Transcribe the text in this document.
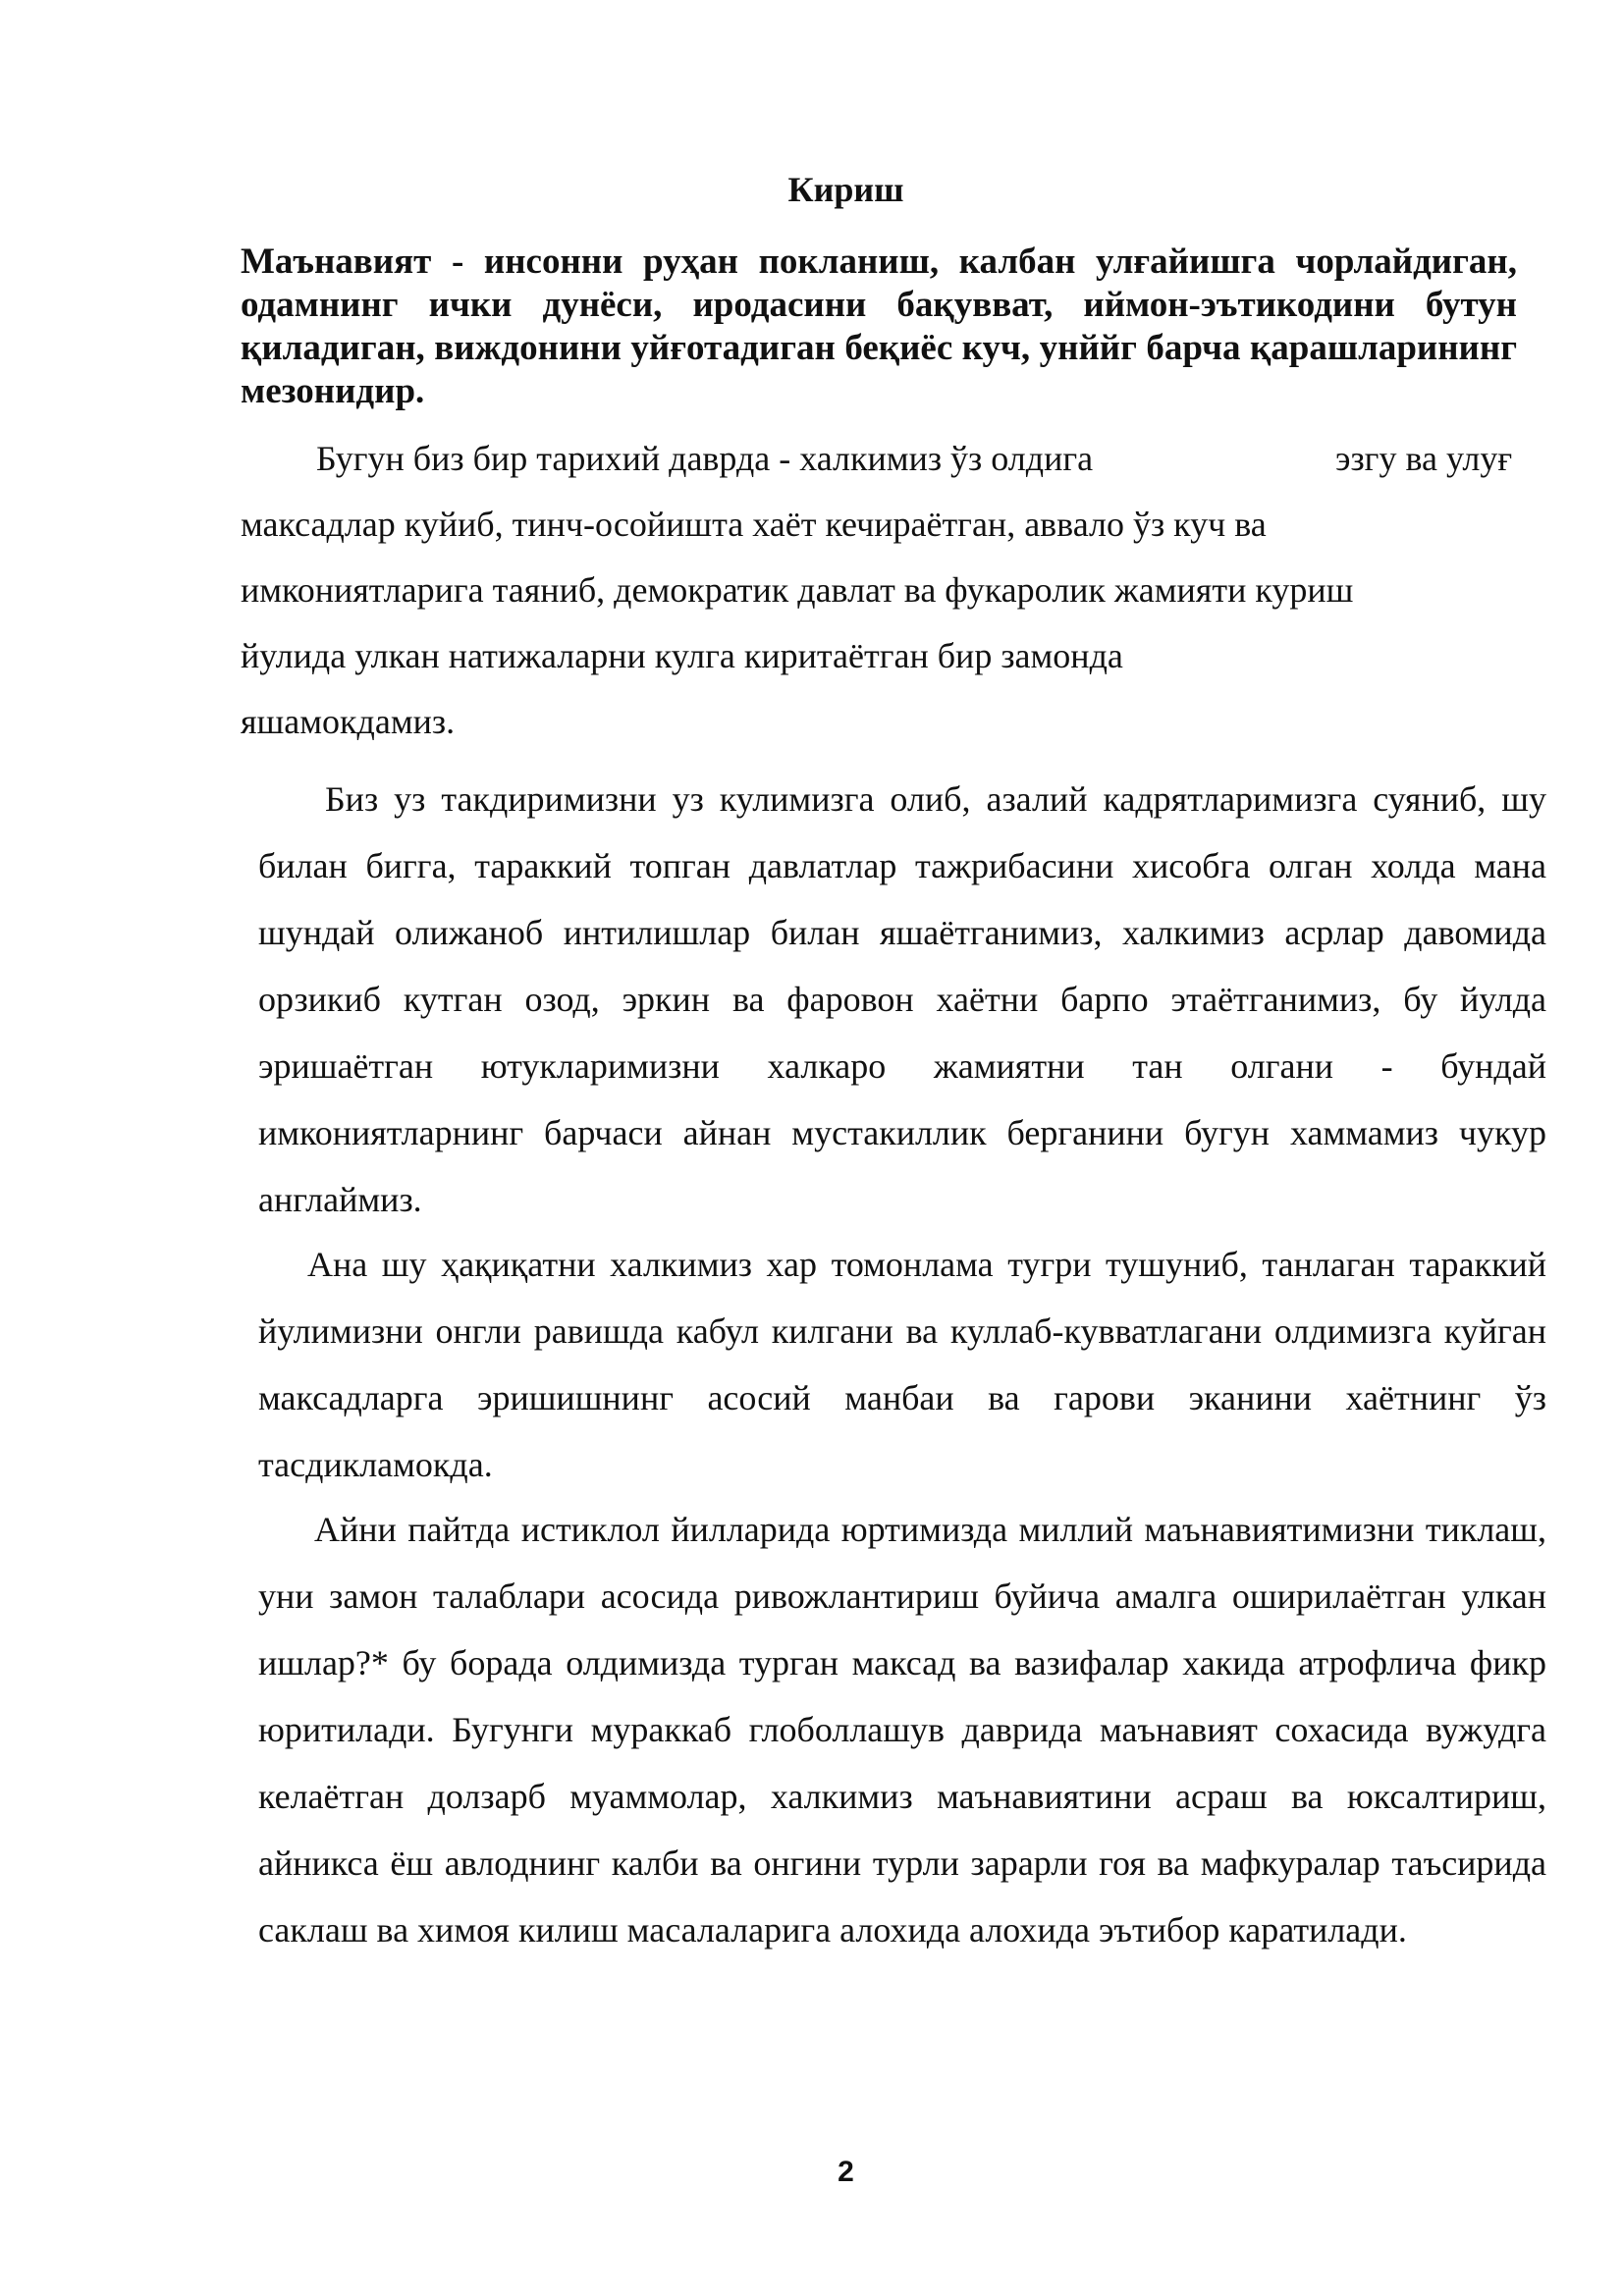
Кириш
Маънавият - инсонни руҳан покланиш, калбан улғайишга чорлайдиган, одамнинг ички дунёси, иродасини бақувват, иймон-эътикодини бутун қиладиган, виждонини уйғотадиган беқиёс куч, унййг барча қарашларининг мезонидир.
Бугун биз бир тарихий даврда - халкимиз ўз олдига	эзгу ва улуғ
максадлар куйиб, тинч-осойишта хаёт кечираётган, аввало ўз куч ва
имкониятларига таяниб, демократик давлат ва фукаролик жамияти куриш
йулида улкан натижаларни кулга киритаётган бир замонда
яшамокдамиз.
Биз уз такдиримизни уз кулимизга олиб, азалий кадрятларимизга суяниб, шу билан бигга, тараккий топган давлатлар тажрибасини хисобга олган холда мана шундай олижаноб интилишлар билан яшаётганимиз, халкимиз асрлар давомида орзикиб кутган озод, эркин ва фаровон хаётни барпо этаётганимиз, бу йулда эришаётган ютукларимизни халкаро жамиятни тан олгани - бундай имкониятларнинг барчаси айнан мустакиллик берганини бугун хаммамиз чукур англаймиз.
Ана шу ҳақиқатни халкимиз хар томонлама тугри тушуниб, танлаган тараккий йулимизни онгли равишда кабул килгани ва куллаб-кувватлагани олдимизга куйган максадларга эришишнинг асосий манбаи ва гарови эканини хаётнинг ўз тасдикламокда.
Айни пайтда истиклол йилларида юртимизда миллий маънавиятимизни тиклаш, уни замон талаблари асосида ривожлантириш буйича амалга оширилаётган улкан ишлар?* бу борада олдимизда турган максад ва вазифалар хакида атрофлича фикр юритилади. Бугунги мураккаб глоболлашув даврида маънавият сохасида вужудга келаётган долзарб муаммолар, халкимиз маънавиятини асраш ва юксалтириш, айникса ёш авлоднинг калби ва онгини турли зарарли гоя ва мафкуралар таъсирида саклаш ва химоя килиш масалаларига алохида алохида эътибор каратилади.
2
